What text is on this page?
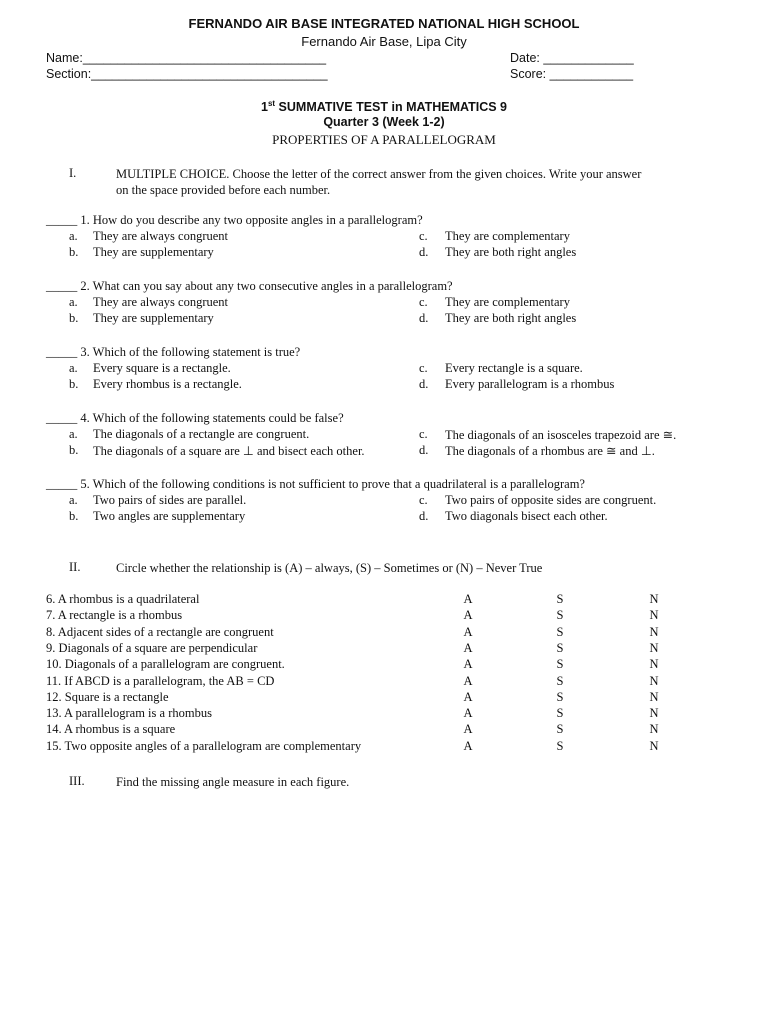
FERNANDO AIR BASE INTEGRATED NATIONAL HIGH SCHOOL
Fernando Air Base, Lipa City
Name:___________________________________	Date: _____________
Section:__________________________________	Score: ____________
1st SUMMATIVE TEST in MATHEMATICS 9
Quarter 3 (Week 1-2)
PROPERTIES OF A PARALLELOGRAM
I.	MULTIPLE CHOICE. Choose the letter of the correct answer from the given choices. Write your answer
on the space provided before each number.
_____ 1. How do you describe any two opposite angles in a parallelogram?
a. They are always congruent
b. They are supplementary
c. They are complementary
d. They are both right angles
_____ 2. What can you say about any two consecutive angles in a parallelogram?
a. They are always congruent
b. They are supplementary
c. They are complementary
d. They are both right angles
_____ 3. Which of the following statement is true?
a. Every square is a rectangle.
b. Every rhombus is a rectangle.
c. Every rectangle is a square.
d. Every parallelogram is a rhombus
_____ 4. Which of the following statements could be false?
a. The diagonals of a rectangle are congruent.
b. The diagonals of a square are ⊥ and bisect each other.
c. The diagonals of an isosceles trapezoid are ≅.
d. The diagonals of a rhombus are ≅ and ⊥.
_____ 5. Which of the following conditions is not sufficient to prove that a quadrilateral is a parallelogram?
a. Two pairs of sides are parallel.
b. Two angles are supplementary
c. Two pairs of opposite sides are congruent.
d. Two diagonals bisect each other.
II.	Circle whether the relationship is (A) – always, (S) – Sometimes or (N) – Never True
6. A rhombus is a quadrilateral	A	S	N
7. A rectangle is a rhombus	A	S	N
8. Adjacent sides of a rectangle are congruent	A	S	N
9. Diagonals of a square are perpendicular	A	S	N
10. Diagonals of a parallelogram are congruent.	A	S	N
11. If ABCD is a parallelogram, the AB = CD	A	S	N
12. Square is a rectangle	A	S	N
13. A parallelogram is a rhombus	A	S	N
14. A rhombus is a square	A	S	N
15. Two opposite angles of a parallelogram are complementary	A	S	N
III.	Find the missing angle measure in each figure.
